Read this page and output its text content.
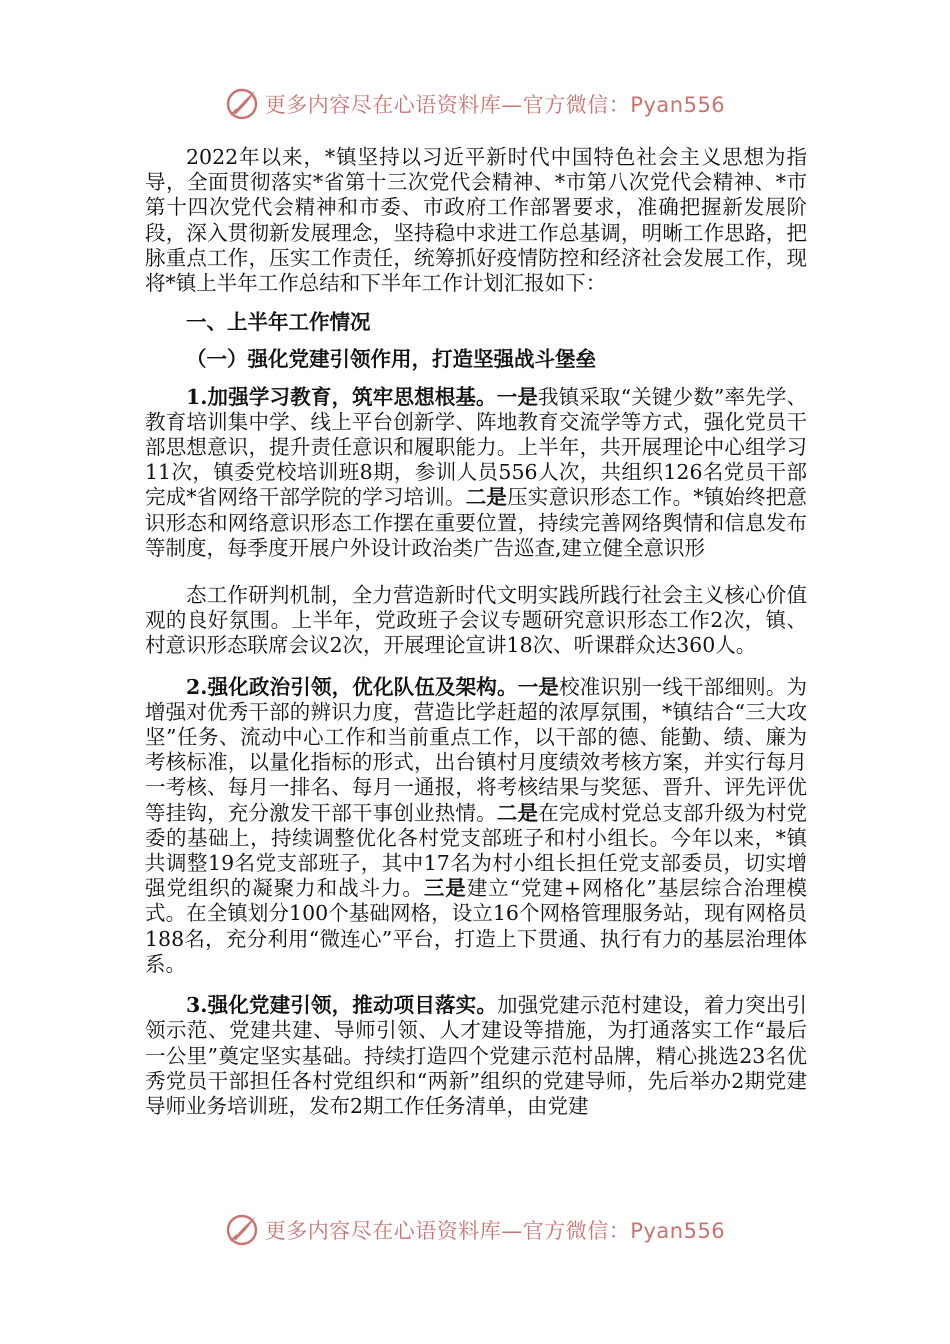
更多内容尽在心语资料库—官方微信：Pyan556

2022年以来，*镇坚持以习近平新时代中国特色社会主义思想为指导，全面贯彻落实*省第十三次党代会精神、*市第八次党代会精神、*市第十四次党代会精神和市委、市政府工作部署要求，准确把握新发展阶段，深入贯彻新发展理念，坚持稳中求进工作总基调，明晰工作思路，把脉重点工作，压实工作责任，统筹抓好疫情防控和经济社会发展工作，现将*镇上半年工作总结和下半年工作计划汇报如下：

一、上半年工作情况

（一）强化党建引领作用，打造坚强战斗堡垒

1.加强学习教育，筑牢思想根基。一是我镇采取“关键少数”率先学、教育培训集中学、线上平台创新学、阵地教育交流学等方式，强化党员干部思想意识，提升责任意识和履职能力。上半年，共开展理论中心组学习11次，镇委党校培训班8期，参训人员556人次，共组织126名党员干部完成*省网络干部学院的学习培训。二是压实意识形态工作。*镇始终把意识形态和网络意识形态工作摆在重要位置，持续完善网络舆情和信息发布等制度，每季度开展户外设计政治类广告巡查,建立健全意识形

态工作研判机制，全力营造新时代文明实践所践行社会主义核心价值观的良好氛围。上半年，党政班子会议专题研究意识形态工作2次，镇、村意识形态联席会议2次，开展理论宣讲18次、听课群众达360人。

2.强化政治引领，优化队伍及架构。一是校准识别一线干部细则。为增强对优秀干部的辨识力度，营造比学赶超的浓厚氛围，*镇结合“三大攻坚”任务、流动中心工作和当前重点工作，以干部的德、能勤、绩、廉为考核标准，以量化指标的形式，出台镇村月度绩效考核方案，并实行每月一考核、每月一排名、每月一通报，将考核结果与奖惩、晋升、评先评优等挂钩，充分激发干部干事创业热情。二是在完成村党总支部升级为村党委的基础上，持续调整优化各村党支部班子和村小组长。今年以来，*镇共调整19名党支部班子，其中17名为村小组长担任党支部委员，切实增强党组织的凝聚力和战斗力。三是建立“党建+网格化”基层综合治理模式。在全镇划分100个基础网格，设立16个网格管理服务站，现有网格员188名，充分利用“微连心”平台，打造上下贯通、执行有力的基层治理体系。

3.强化党建引领，推动项目落实。加强党建示范村建设，着力突出引领示范、党建共建、导师引领、人才建设等措施，为打通落实工作“最后一公里”奠定坚实基础。持续打造四个党建示范村品牌，精心挑选23名优秀党员干部担任各村党组织和“两新”组织的党建导师，先后举办2期党建导师业务培训班，发布2期工作任务清单，由党建

更多内容尽在心语资料库—官方微信：Pyan556
